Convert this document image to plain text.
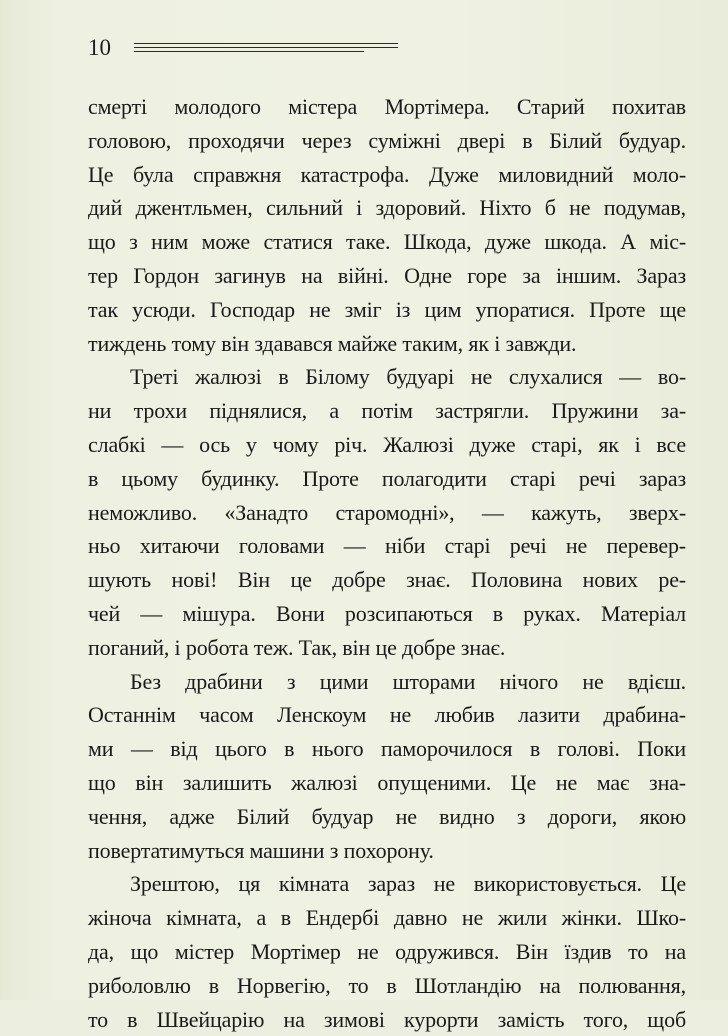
10
смерті молодого містера Мортімера. Старий похитав
головою, проходячи через суміжні двері в Білий будуар.
Це була справжня катастрофа. Дуже миловидний моло-
дий джентльмен, сильний і здоровий. Ніхто б не подумав,
що з ним може статися таке. Шкода, дуже шкода. А міс-
тер Гордон загинув на війні. Одне горе за іншим. Зараз
так усюди. Господар не зміг із цим упоратися. Проте ще
тиждень тому він здавався майже таким, як і завжди.
Треті жалюзі в Білому будуарі не слухалися — во-
ни трохи піднялися, а потім застрягли. Пружини за-
слабкі — ось у чому річ. Жалюзі дуже старі, як і все
в цьому будинку. Проте полагодити старі речі зараз
неможливо. «Занадто старомодні», — кажуть, зверх-
ньо хитаючи головами — ніби старі речі не перевер-
шують нові! Він це добре знає. Половина нових ре-
чей — мішура. Вони розсипаються в руках. Матеріал
поганий, і робота теж. Так, він це добре знає.
Без драбини з цими шторами нічого не вдієш.
Останнім часом Ленскоум не любив лазити драбина-
ми — від цього в нього паморочилося в голові. Поки
що він залишить жалюзі опущеними. Це не має зна-
чення, адже Білий будуар не видно з дороги, якою
повертатимуться машини з похорону.
Зрештою, ця кімната зараз не використовується. Це
жіноча кімната, а в Ендербі давно не жили жінки. Шко-
да, що містер Мортімер не одружився. Він їздив то на
риболовлю в Норвегію, то в Шотландію на полювання,
то в Швейцарію на зимові курорти замість того, щоб
